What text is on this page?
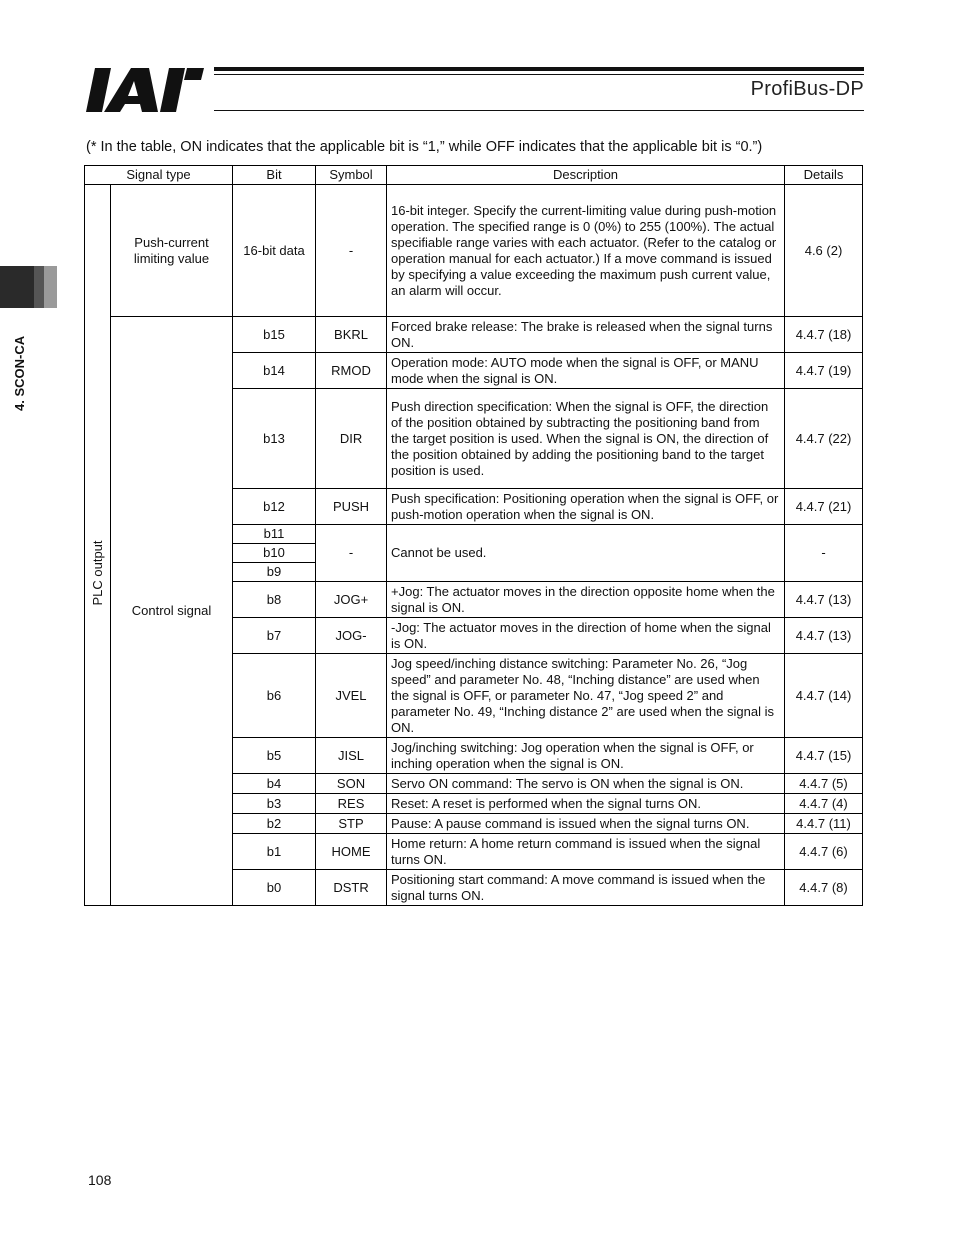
ProfiBus-DP
4. SCON-CA
(* In the table, ON indicates that the applicable bit is “1,” while OFF indicates that the applicable bit is “0.”)
Signal type		Bit	Symbol	Description	Details

PLC output	Push-current limiting value	16-bit data	-	16-bit integer. Specify the current-limiting value during push-motion operation. The specified range is 0 (0%) to 255 (100%). The actual specifiable range varies with each actuator. (Refer to the catalog or operation manual for each actuator.) If a move command is issued by specifying a value exceeding the maximum push current value, an alarm will occur.	4.6 (2)
	Control signal	b15	BKRL	Forced brake release: The brake is released when the signal turns ON.	4.4.7 (18)
		b14	RMOD	Operation mode: AUTO mode when the signal is OFF, or MANU mode when the signal is ON.	4.4.7 (19)
		b13	DIR	Push direction specification: When the signal is OFF, the direction of the position obtained by subtracting the positioning band from the target position is used. When the signal is ON, the direction of the position obtained by adding the positioning band to the target position is used.	4.4.7 (22)
		b12	PUSH	Push specification: Positioning operation when the signal is OFF, or push-motion operation when the signal is ON.	4.4.7 (21)
		b11	-	Cannot be used.	-
		b10			
		b9			
		b8	JOG+	+Jog: The actuator moves in the direction opposite home when the signal is ON.	4.4.7 (13)
		b7	JOG-	-Jog: The actuator moves in the direction of home when the signal is ON.	4.4.7 (13)
		b6	JVEL	Jog speed/inching distance switching: Parameter No. 26, “Jog speed” and parameter No. 48, “Inching distance” are used when the signal is OFF, or parameter No. 47, “Jog speed 2” and parameter No. 49, “Inching distance 2” are used when the signal is ON.	4.4.7 (14)
		b5	JISL	Jog/inching switching: Jog operation when the signal is OFF, or inching operation when the signal is ON.	4.4.7 (15)
		b4	SON	Servo ON command: The servo is ON when the signal is ON.	4.4.7 (5)
		b3	RES	Reset: A reset is performed when the signal turns ON.	4.4.7 (4)
		b2	STP	Pause: A pause command is issued when the signal turns ON.	4.4.7 (11)
		b1	HOME	Home return: A home return command is issued when the signal turns ON.	4.4.7 (6)
		b0	DSTR	Positioning start command: A move command is issued when the signal turns ON.	4.4.7 (8)
108
